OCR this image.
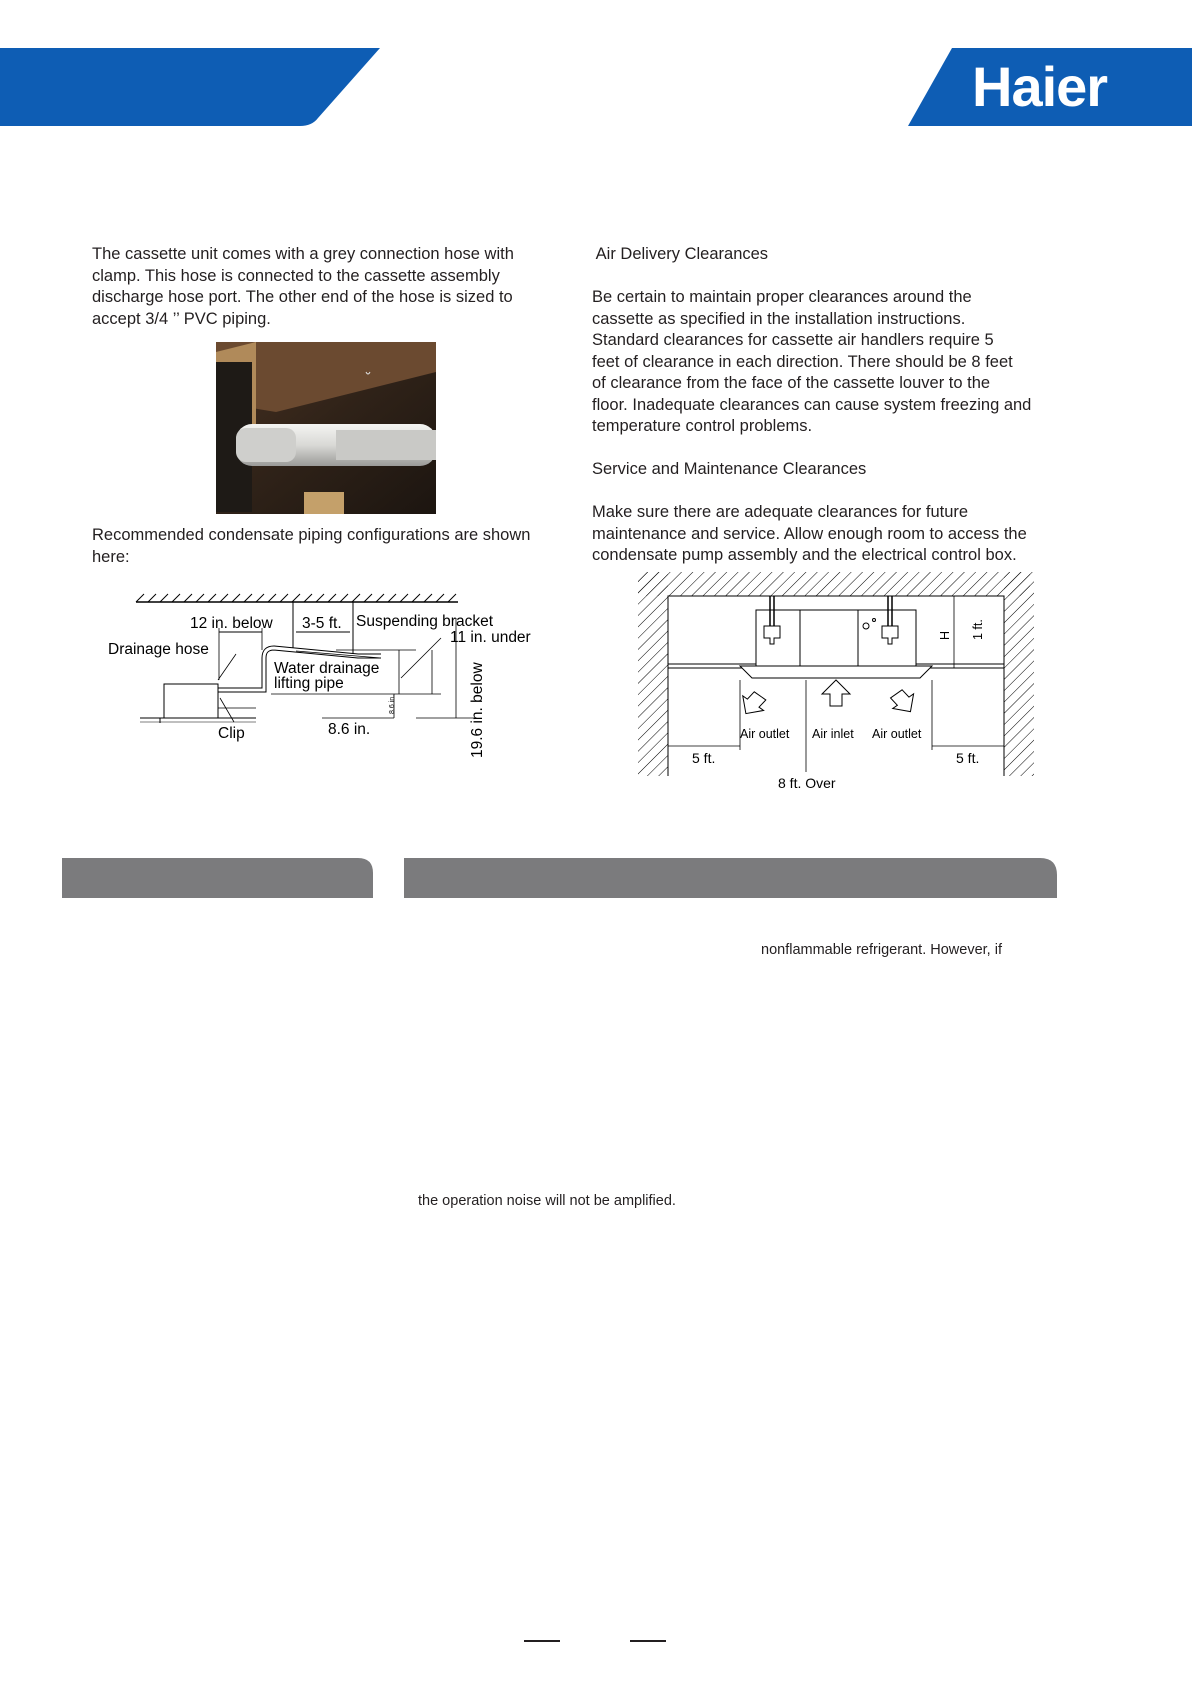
Haier

The cassette unit comes with a grey connection hose with

clamp. This hose is connected to the cassette assembly

discharge hose port. The other end of the hose is sized to

accept 3/4 ’’ PVC piping.

Recommended condensate piping configurations are shown

here:

12 in. below 3-5 ft. Suspending bracket
11 in. under
Drainage hose
Water drainage
lifting pipe
Clip	8.6 in.	19.6 in. below
8.6 in.

Air Delivery Clearances

Be certain to maintain proper clearances around the

cassette as specified in the installation instructions.

Standard clearances for cassette air handlers require 5

feet of clearance in each direction. There should be 8 feet

of clearance from the face of the cassette louver to the

floor. Inadequate clearances can cause system freezing and

temperature control problems.

Service and Maintenance Clearances

Make sure there are adequate clearances for future

maintenance and service. Allow enough room to access the

condensate pump assembly and the electrical control box.

H 1 ft.
Air outlet Air inlet Air outlet
5 ft.	5 ft.
8 ft. Over
nonflammable refrigerant. However, if
the operation noise will not be amplified.
